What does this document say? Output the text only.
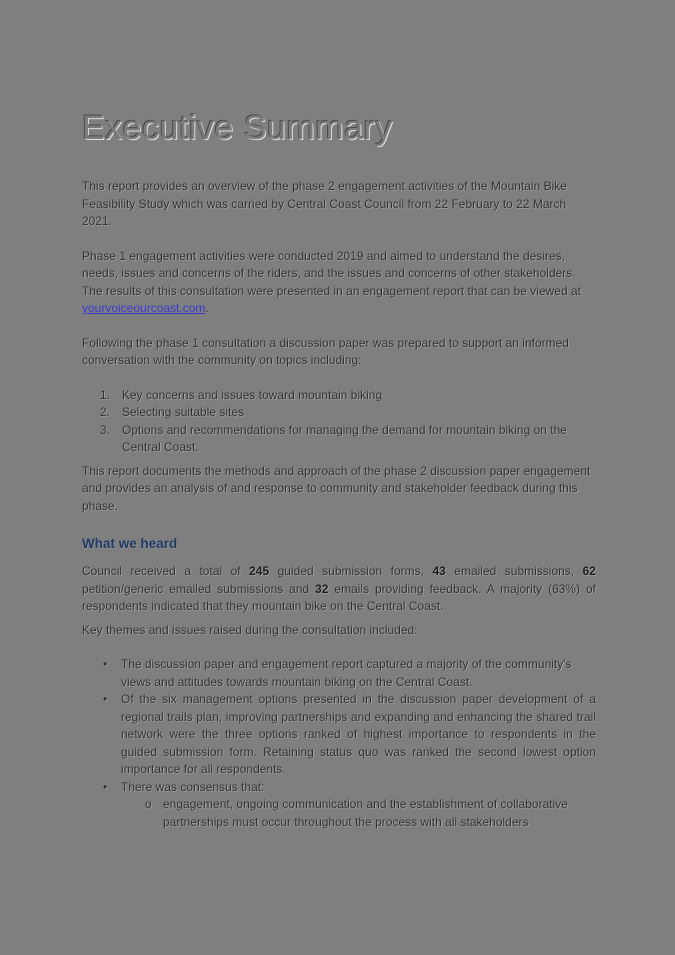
Executive Summary

This report provides an overview of the phase 2 engagement activities of the Mountain Bike Feasibility Study which was carried by Central Coast Council from 22 February to 22 March 2021.

Phase 1 engagement activities were conducted 2019 and aimed to understand the desires, needs, issues and concerns of the riders, and the issues and concerns of other stakeholders. The results of this consultation were presented in an engagement report that can be viewed at yourvoiceourcoast.com.

Following the phase 1 consultation a discussion paper was prepared to support an informed conversation with the community on topics including:

1. Key concerns and issues toward mountain biking
2. Selecting suitable sites
3. Options and recommendations for managing the demand for mountain biking on the Central Coast.

This report documents the methods and approach of the phase 2 discussion paper engagement and provides an analysis of and response to community and stakeholder feedback during this phase.

What we heard

Council received a total of 245 guided submission forms, 43 emailed submissions, 62 petition/generic emailed submissions and 32 emails providing feedback. A majority (63%) of respondents indicated that they mountain bike on the Central Coast.

Key themes and issues raised during the consultation included:

•	The discussion paper and engagement report captured a majority of the community's views and attitudes towards mountain biking on the Central Coast.
•	Of the six management options presented in the discussion paper development of a regional trails plan, improving partnerships and expanding and enhancing the shared trail network were the three options ranked of highest importance to respondents in the guided submission form. Retaining status quo was ranked the second lowest option importance for all respondents.
•	There was consensus that:
o engagement, ongoing communication and the establishment of collaborative partnerships must occur throughout the process with all stakeholders
